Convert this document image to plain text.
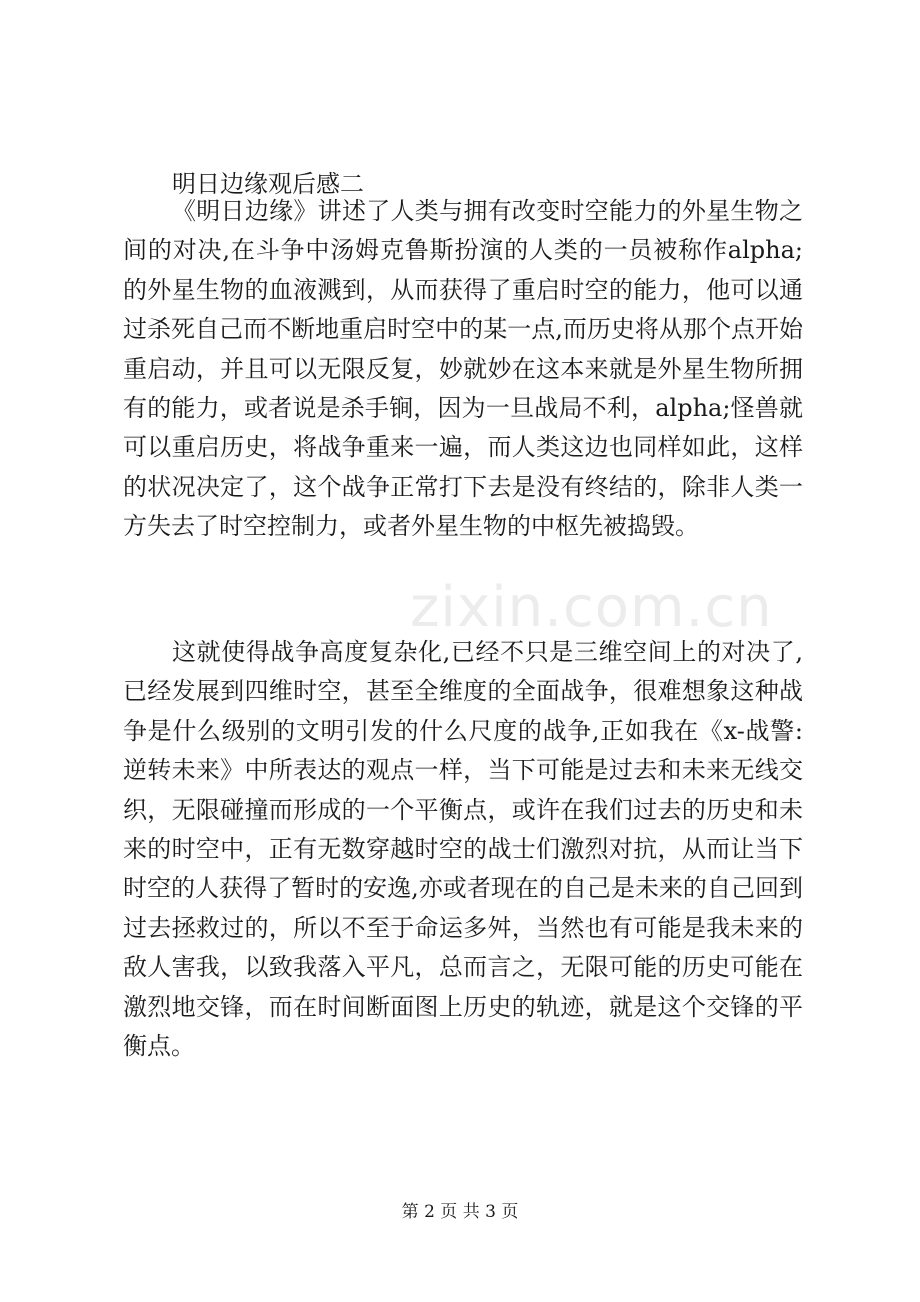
zixin.com.cn
明日边缘观后感二

《明日边缘》讲述了人类与拥有改变时空能力的外星生物之间的对决,在斗争中汤姆克鲁斯扮演的人类的一员被称作alpha;的外星生物的血液溅到，从而获得了重启时空的能力，他可以通过杀死自己而不断地重启时空中的某一点,而历史将从那个点开始重启动，并且可以无限反复，妙就妙在这本来就是外星生物所拥有的能力，或者说是杀手锏，因为一旦战局不利，alpha;怪兽就可以重启历史，将战争重来一遍，而人类这边也同样如此，这样的状况决定了，这个战争正常打下去是没有终结的，除非人类一方失去了时空控制力，或者外星生物的中枢先被捣毁。

这就使得战争高度复杂化,已经不只是三维空间上的对决了,已经发展到四维时空，甚至全维度的全面战争，很难想象这种战争是什么级别的文明引发的什么尺度的战争,正如我在《x-战警:逆转未来》中所表达的观点一样，当下可能是过去和未来无线交织，无限碰撞而形成的一个平衡点，或许在我们过去的历史和未来的时空中，正有无数穿越时空的战士们激烈对抗，从而让当下时空的人获得了暂时的安逸,亦或者现在的自己是未来的自己回到过去拯救过的，所以不至于命运多舛，当然也有可能是我未来的敌人害我，以致我落入平凡，总而言之，无限可能的历史可能在激烈地交锋，而在时间断面图上历史的轨迹，就是这个交锋的平衡点。

第 2 页 共 3 页
